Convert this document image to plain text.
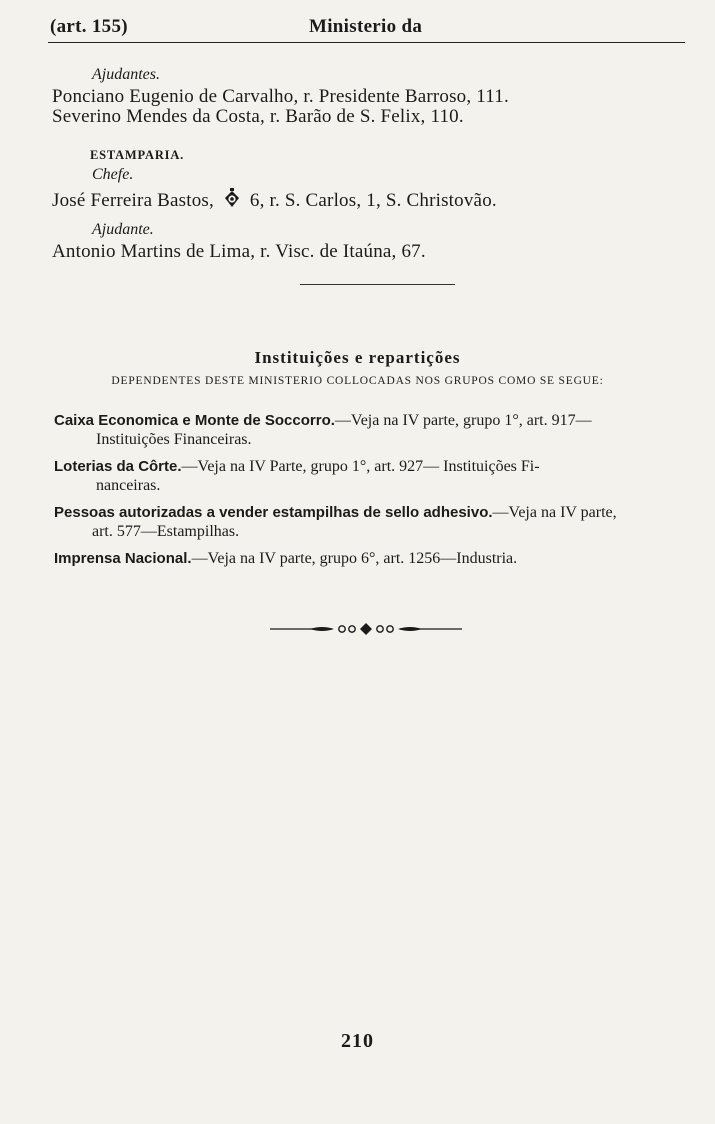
(art. 155)	Ministerio da
Ajudantes.
Ponciano Eugenio de Carvalho, r. Presidente Barroso, 111.
Severino Mendes da Costa, r. Barão de S. Felix, 110.
ESTAMPARIA.
Chefe.
José Ferreira Bastos, 6, r. S. Carlos, 1, S. Christovão.
Ajudante.
Antonio Martins de Lima, r. Visc. de Itaúna, 67.
Instituições e repartições
DEPENDENTES DESTE MINISTERIO COLLOCADAS NOS GRUPOS COMO SE SEGUE:
Caixa Economica e Monte de Soccorro.—Veja na IV parte, grupo 1°, art. 917—
Instituições Financeiras.
Loterias da Côrte.—Veja na IV Parte, grupo 1°, art. 927— Instituições Fi-
nanceiras.
Pessoas autorizadas a vender estampilhas de sello adhesivo.—Veja na IV parte,
art. 577—Estampilhas.
Imprensa Nacional.—Veja na IV parte, grupo 6°, art. 1256—Industria.
210
